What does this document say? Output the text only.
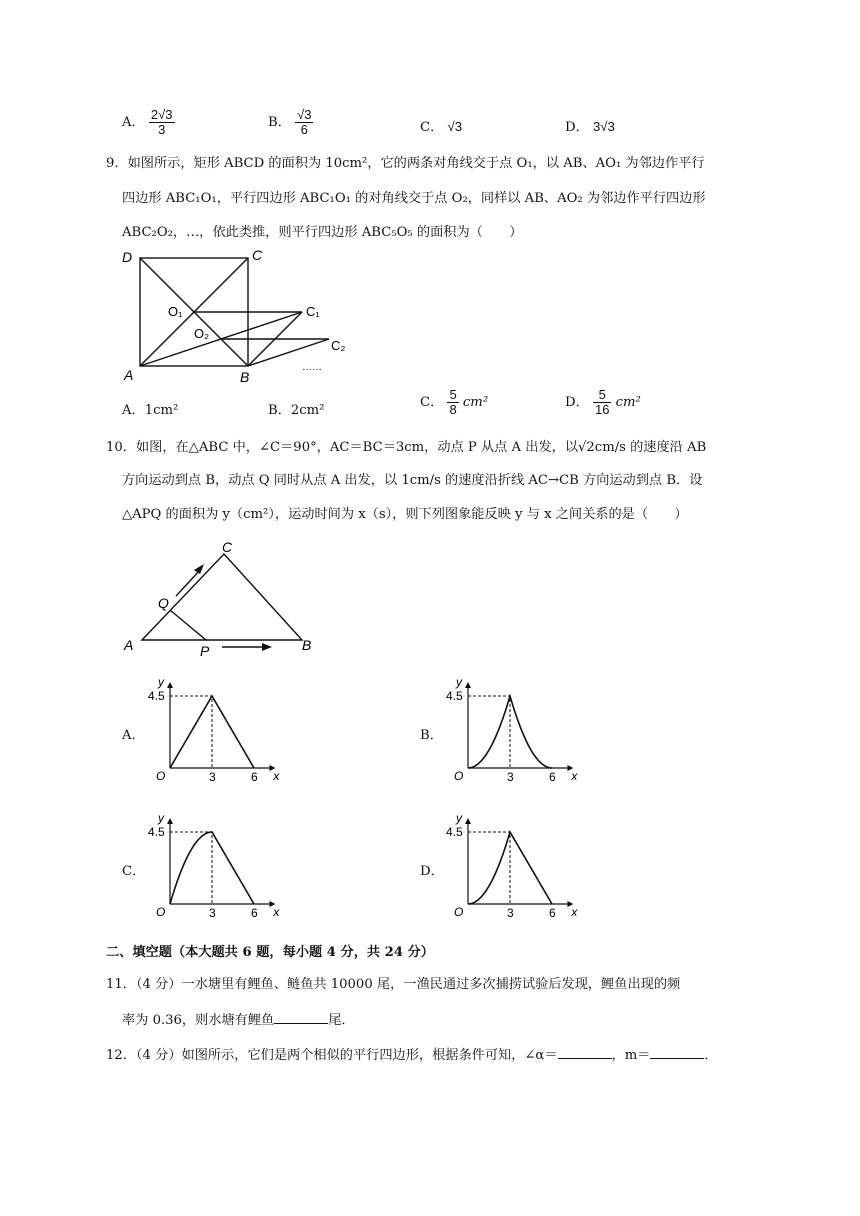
A． $\frac{2√3}{3}$	B． $\frac{√3}{6}$	C． √3	D． 3√3
9．如图所示，矩形 ABCD 的面积为 10cm²，它的两条对角线交于点 O₁，以 AB、AO₁ 为邻边作平行
四边形 ABC₁O₁，平行四边形 ABC₁O₁ 的对角线交于点 O₂，同样以 AB、AO₂ 为邻边作平行四边形
ABC₂O₂，…，依此类推，则平行四边形 ABC₅O₅ 的面积为（　　）
D	C
O₁
O₂
C₁
C₂
A	B
……
A．1cm²	B．2cm²
C． $\frac{5}{8} cm^2$	D． $\frac{5}{16} cm^2$
10．如图，在△ABC 中，∠C＝90°，AC＝BC＝3cm，动点 P 从点 A 出发，以√2cm/s 的速度沿 AB
方向运动到点 B，动点 Q 同时从点 A 出发，以 1cm/s 的速度沿折线 AC→CB 方向运动到点 B．设
△APQ 的面积为 y（cm²），运动时间为 x（s），则下列图象能反映 y 与 x 之间关系的是（　　）
C
Q
A	P	B
A．
y
x
O
4.5
3	6
B．
y
x
O
4.5
3	6
C．
y
x
O
4.5
3	6
D．
y
x
O
4.5
3	6
二、填空题（本大题共 6 题，每小题 4 分，共 24 分）
11．（4 分）一水塘里有鲤鱼、鲢鱼共 10000 尾，一渔民通过多次捕捞试验后发现，鲤鱼出现的频
率为 0.36，则水塘有鲤鱼	尾．
12．（4 分）如图所示，它们是两个相似的平行四边形，根据条件可知，∠α＝	，m＝	．
